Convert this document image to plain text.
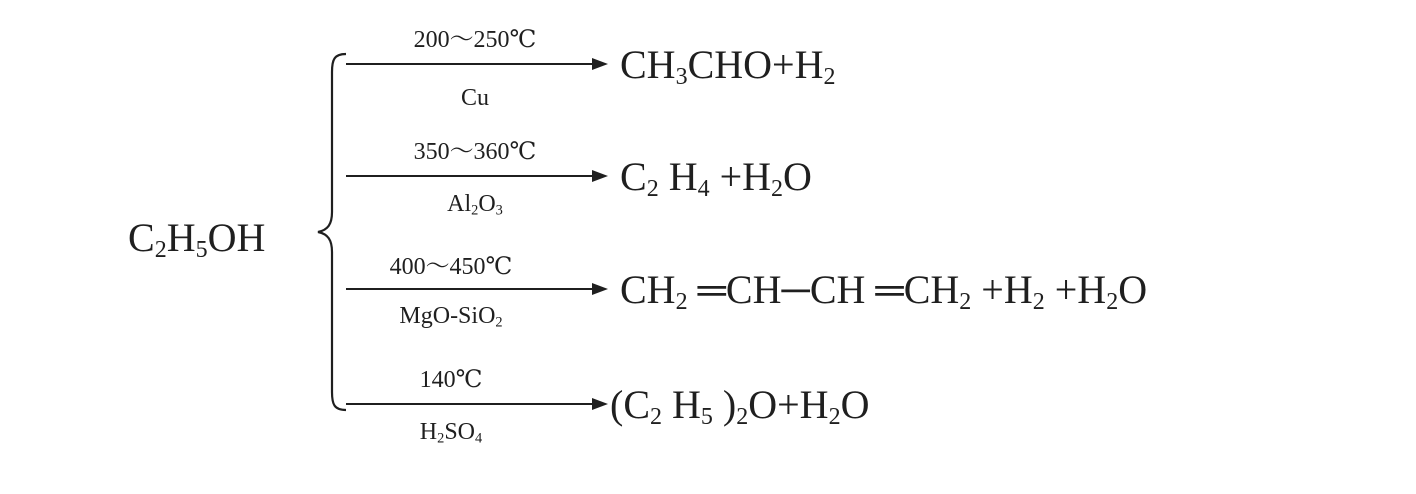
$C_2H_5OH$
200～250℃
Cu
$CH_3CHO+H_2$
350～360℃
$Al_2O_3$
$C_2$ $H_4 +H_2O$
400～450℃
MgO-SiO$_2$
$CH_2$ ═CH─CH $═CH_2 +H_2 +H_2O$
140℃
$H_2SO_4$
($C_2$ $H_5$ )$_2O+H_2O$
